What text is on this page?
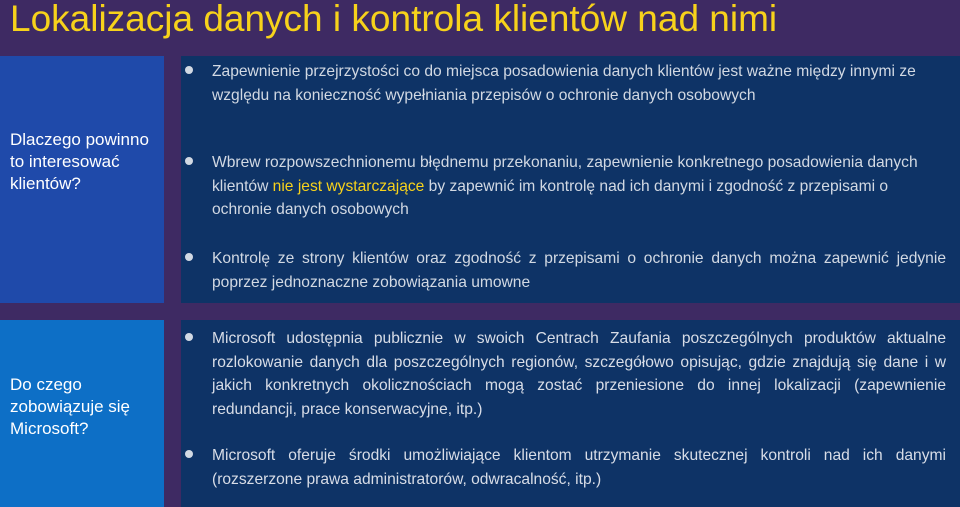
Lokalizacja danych i kontrola klientów nad nimi
Dlaczego powinno to interesować klientów?
Zapewnienie przejrzystości co do miejsca posadowienia danych klientów jest ważne między innymi ze względu na konieczność wypełniania przepisów o ochronie danych osobowych
Wbrew rozpowszechnionemu błędnemu przekonaniu, zapewnienie konkretnego posadowienia danych klientów nie jest wystarczające by zapewnić im kontrolę nad ich danymi i zgodność z przepisami o ochronie danych osobowych
Kontrolę ze strony klientów oraz zgodność z przepisami o ochronie danych można zapewnić jedynie poprzez jednoznaczne zobowiązania umowne
Do czego zobowiązuje się Microsoft?
Microsoft udostępnia publicznie w swoich Centrach Zaufania poszczególnych produktów aktualne rozlokowanie danych dla poszczególnych regionów, szczegółowo opisując, gdzie znajdują się dane i w jakich konkretnych okolicznościach mogą zostać przeniesione do innej lokalizacji (zapewnienie redundancji, prace konserwacyjne, itp.)
Microsoft oferuje środki umożliwiające klientom utrzymanie skutecznej kontroli nad ich danymi (rozszerzone prawa administratorów, odwracalność, itp.)
